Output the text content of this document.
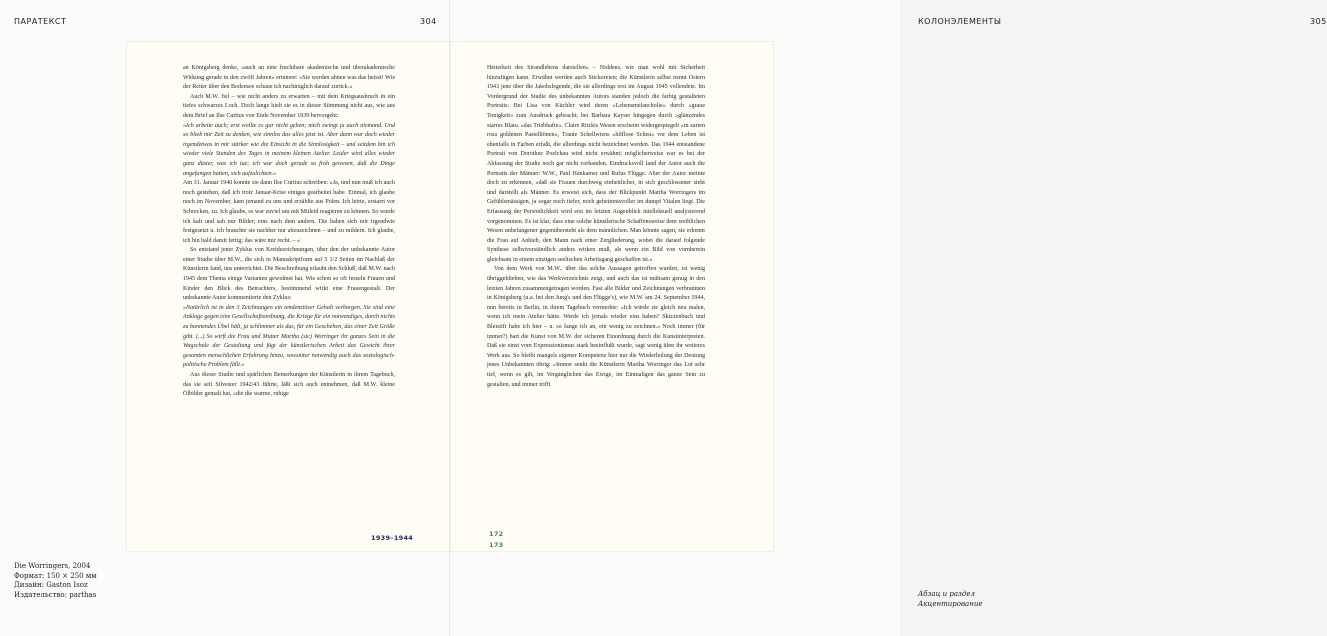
ПАРАТЕКСТ	304

an Königsberg denke, »auch an eine fruchtbare akademische und überakademische Wirkung gerade in den zwölf Jahren« erinnere: »Sie werden ahnen was das heisst! Wie der Reiter über den Bodensee schaue ich nachträglich darauf zurück.«

Auch M.W. fiel – wie nicht anders zu erwarten – mit dem Kriegsausbruch in ein tiefes schwarzes Loch. Doch lange hielt sie es in dieser Stimmung nicht aus, wie aus dem Brief an Ilse Curtius von Ende November 1939 hervorgeht:

»Ich arbeite auch; erst wollte es gar nicht gehen; mich zwingt ja auch niemand. Und so blieb mir Zeit zu denken, wie sinnlos das alles jetzt ist. Aber dann war doch wieder irgendetwas in mir stärker wie die Einsicht in die Sinnlosigkeit – und seitdem bin ich wieder viele Stunden des Tages in meinem kleinen Atelier. Leider wird alles wieder ganz düster, was ich tue; ich war doch gerade so froh gewesen, daß die Dinge angefangen hatten, sich aufzulichten.«

Am 31. Januar 1940 konnte sie dann Ilse Curtius schreiben: »Ja, und nun muß ich auch noch gestehen, daß ich trotz Januar-Krise einiges gearbeitet habe. Einmal, ich glaube noch im November, kam jemand zu uns und erzählte aus Polen. Ich hörte, erstarrt vor Schrecken, zu. Ich glaube, es war zuviel um mit Mitleid reagieren zu können. So wurde ich kalt und sah nur Bilder; eins nach dem andern. Die haben sich mir irgendwie festgesetzt u. ich brauchte sie nachher nur abzuzeichnen – und zu mildern. Ich glaube, ich bin bald damit fertig; das wäre mir recht. – «

So entstand jener Zyklus von Kreidezeichnungen, über den der unbekannte Autor einer Studie über M.W., die sich in Manuskriptform auf 5 1/2 Seiten im Nachlaß der Künstlerin fand, uns unterrichtet. Die Beschreibung erlaubt den Schluß, daß M.W. nach 1945 dem Thema einige Varianten gewidmet hat. Wie schon so oft fesseln Frauen und Kinder den Blick des Betrachters, bestimmend wirkt eine Frauengestalt. Der unbekannte Autor kommentierte den Zyklus:

»Natürlich ist in den 3 Zeichnungen ein tendenziöser Gehalt verborgen. Sie sind eine Anklage gegen eine Gesellschaftsordnung, die Kriege für ein notwendiges, durch nichts zu bannendes Übel hält, ja schlimmer als das, für ein Geschehen, das einer Zeit Größe gibt. (...) So wirft die Frau und Mutter Martha (sic) Worringer ihr ganzes Sein in die Wagschale der Gestaltung und fügt der künstlerischen Arbeit das Gewicht ihrer gesamten menschlichen Erfahrung hinzu, sowsniter notwendig auch das soziologisch-politische Problem fällt.«

Aus dieser Studie und spärlichen Bemerkungen der Künstlerin in ihrem Tagebuch, das sie seit Silvester 1942/43 führte, läßt sich auch entnehmen, daß M.W. kleine Ölbilder gemalt hat, »die die warme, ruhige

1939–1944
Die Worringers, 2004
Формат: 150 × 250 мм
Дизайн: Gaston Isoz
Издательство: parthas
КОЛОНЭЛЕМЕНТЫ	305
Абзац и раздел
Акцентирование

Heiterkeit des Strandlebens darstellen« – Niddens, wie man wohl mit Sicherheit hinzufügen kann. Erwähnt werden auch Stickereien; die Künstlerin selbst nennt Ostern 1943 jene über die Jakobslegende, die sie allerdings erst im August 1945 vollendete. Im Vordergrund der Studie des unbekannten Autors standen jedoch die farbig gestalteten Portraits: Bei Lisa von Küchler wird deren »Lebensmelancholie« durch »graue Tonigkeit« zum Ausdruck gebracht; bei Barbara Kayser hingegen durch »glänzendes starres Blau« »das Triebhafte«. Claire Ritzkis Wesen erscheint widergespiegelt »in zarten rosa goldenen Pastelltönen«, Traute Schellwiens »hilflose Scheu« vor dem Leben ist ebenfalls in Farben erfaßt, die allerdings nicht bezeichnet werden. Das 1944 entstandene Portrait von Dorothee Poelchau wird nicht erwähnt; möglicherweise war es bei der Abfassung der Studie noch gar nicht vorhanden. Eindrucksvoll fand der Autor auch die Portraits der Männer: W.W., Paul Hankamer und Rufus Flügge. Aber der Autor meinte doch zu erkennen, »daß sie Frauen durchweg einheitlicher, in sich geschlossener sieht und darstellt als Männer. Es erweist sich, dass der Blickpunkt Martha Worringers im Gefühlsmässigen, ja sogar noch tiefer, noch geheimnisvoller im dumpf Vitalen liegt. Die Erfassung der Persönlichkeit wird erst im letzten Augenblick intellektuell analysierend vorgenommen. Es ist klar, dass eine solche künstlerische Schaffensweise dem weiblichen Wesen unbefangener gegenübersteht als dem männlichen. Man könnte sagen, sie erkennt die Frau auf Anhieb, den Mann nach einer Zergliederung, wobei die darauf folgende Synthese selbstverständlich anders wirken muß, als wenn ein Bild von vornherein gleichsam in einem einzigen seelischen Arbeitsgang geschaffen ist.«

Von dem Werk von M.W., über das solche Aussagen getroffen wurden, ist wenig übriggeblieben, wie das Werkverzeichnis zeigt, und auch das ist mühsam genug in den letzten Jahren zusammengetragen worden. Fast alle Bilder und Zeichnungen verbrannten in Königsberg (u.a. bei den Jung's und den Flügge's), wie M.W. am 24. September 1944, nun bereits in Berlin, in ihrem Tagebuch vermerkte: »Ich würde sie gleich neu malen, wenn ich mein Atelier hätte. Werde ich jemals wieder eins haben? Skizzenbuch und Bleistift habe ich hier – u. so fange ich an, ein wenig zu zeichnen.« Noch immer (für immer?) hart die Kunst von M.W. der sicheren Einordnung durch die Kunstinterpreten. Daß sie einst vom Expressionismus stark beeinflußt wurde, sagt wenig über ihr weiteres Werk aus. So bleibt mangels eigener Kompetenz hier nur die Wiederholung der Deutung jenes Unbekannten übrig: »Immer senkt die Künstlerin Martha Worringer das Lot sehr tief, wenn es gilt, im Vergänglichen das Ewige, im Einmaligen das ganze Sein zu gestalten, und immer trifft

172
173
